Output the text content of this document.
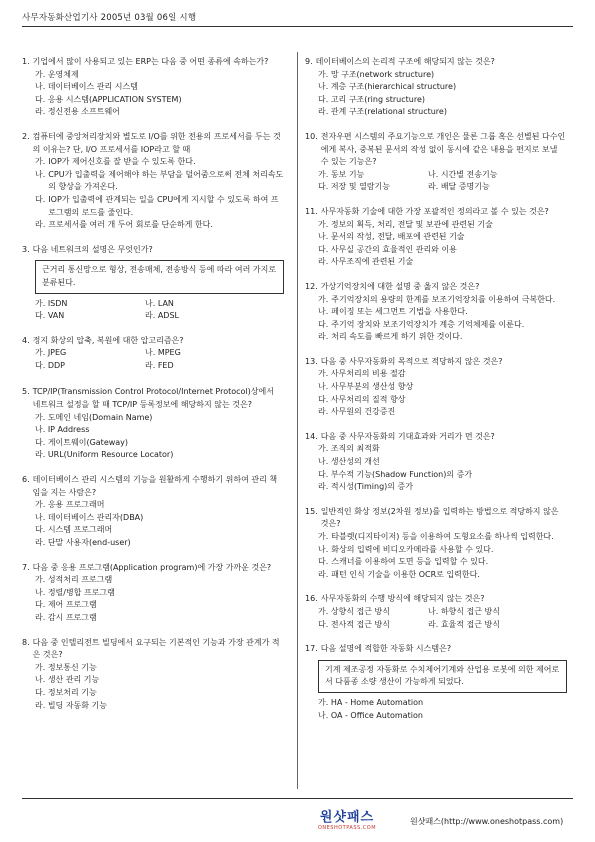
사무자동화산업기사 2005년 03월 06일 시행
1. 기업에서 많이 사용되고 있는 ERP는 다음 중 어떤 종류에 속하는가?
가. 운영체제
나. 데이터베이스 관리 시스템
다. 응용 시스템(APPLICATION SYSTEM)
라. 정신전용 소프트웨어
2. 컴퓨터에 중앙처리장치와 별도로 I/O를 위한 전용의 프로세서를 두는 것의 이유는? 단, I/O 프로세서를 IOP라고 할 때
가. IOP가 제어신호를 잘 받을 수 있도록 한다.
나. CPU가 입출력을 제어해야 하는 부담을 덜어줌으로써 전체 처리속도의 향상을 가져온다.
다. IOP가 입출력에 관계되는 일을 CPU에게 지시할 수 있도록 하여 프로그램의 로드를 줄인다.
라. 프로세서를 여러 개 두어 회로를 단순하게 한다.
3. 다음 네트워크의 설명은 무엇인가?
근거리 통신망으로 형상, 전송매체, 전송방식 등에 따라 여러 가지로 분류된다.
가. ISDN	나. LAN
다. VAN	라. ADSL
4. 정지 화상의 압축, 복원에 대한 압고리즘은?
가. JPEG	나. MPEG
다. DDP	라. FED
5. TCP/IP(Transmission Control Protocol/Internet Protocol)상에서 네트워크 설정을 할 때 TCP/IP 등록정보에 해당하지 않는 것은?
가. 도메인 네임(Domain Name)
나. IP Address
다. 게이트웨이(Gateway)
라. URL(Uniform Resource Locator)
6. 데이터베이스 관리 시스템의 기능을 원활하게 수행하기 위하여 관리 책임을 지는 사람은?
가. 응용 프로그래머
나. 데이터베이스 관리자(DBA)
다. 시스템 프로그래머
라. 단말 사용자(end-user)
7. 다음 중 응용 프로그램(Application program)에 가장 가까운 것은?
가. 성적처리 프로그램
나. 정렬/병합 프로그램
다. 제어 프로그램
라. 감시 프로그램
8. 다음 중 인텔리전트 빌딩에서 요구되는 기본적인 기능과 가장 관계가 적은 것은?
가. 정보통신 기능
나. 생산 관리 기능
다. 정보처리 기능
라. 빌딩 자동화 기능
9. 데이터베이스의 논리적 구조에 해당되지 않는 것은?
가. 망 구조(network structure)
나. 계층 구조(hierarchical structure)
다. 고리 구조(ring structure)
라. 관계 구조(relational structure)
10. 전자우편 시스템의 주요기능으로 개인은 물론 그룹 혹은 선별된 다수인에게 복사, 중복된 문서의 작성 없이 동시에 같은 내용을 편지로 보낼 수 있는 기능은?
가. 동보 기능	나. 시간별 전송기능
다. 저장 및 열람기능	라. 배달 증명기능
11. 사무자동화 기술에 대한 가장 포괄적인 정의라고 볼 수 있는 것은?
가. 정보의 획득, 처리, 전달 및 보관에 관련된 기술
나. 문서의 작성, 전달, 배포에 관련된 기술
다. 사무실 공간의 효율적인 관리와 이용
라. 사무조직에 관련된 기술
12. 가상기억장치에 대한 설명 중 옳지 않은 것은?
가. 주기억장치의 용량의 한계를 보조기억장치를 이용하여 극복한다.
나. 페이징 또는 세그먼트 기법을 사용한다.
다. 주기억 장치와 보조기억장치가 계층 기억체제를 이룬다.
라. 처리 속도를 빠르게 하기 위한 것이다.
13. 다음 중 사무자동화의 목적으로 적당하지 않은 것은?
가. 사무처리의 비용 절감
나. 사무부분의 생산성 향상
다. 사무처리의 질적 향상
라. 사무원의 건강증진
14. 다음 중 사무자동화의 기대효과와 거리가 먼 것은?
가. 조직의 최적화
나. 생산성의 개선
다. 부수적 기능(Shadow Function)의 증가
라. 적시성(Timing)의 증가
15. 일반적인 화상 정보(2차원 정보)를 입력하는 방법으로 적당하지 않은 것은?
가. 타블렛(디지타이저) 등을 이용하여 도형요소를 하나씩 입력한다.
나. 화상의 입력에 비디오카메라를 사용할 수 있다.
다. 스캐너를 이용하여 도면 등을 입력할 수 있다.
라. 패턴 인식 기술을 이용한 OCR로 입력한다.
16. 사무자동화의 수행 방식에 해당되지 않는 것은?
가. 상향식 접근 방식	나. 하향식 접근 방식
다. 전사적 접근 방식	라. 효율적 접근 방식
17. 다음 설명에 적합한 자동화 시스템은?
기계 제조공정 자동화로 수치제어기계와 산업용 로봇에 의한 제어로서 다품종 소량 생산이 가능하게 되었다.
가. HA - Home Automation
나. OA - Office Automation
원샷패스
ONESHOTPASS.COM
원샷패스(http://www.oneshotpass.com)
